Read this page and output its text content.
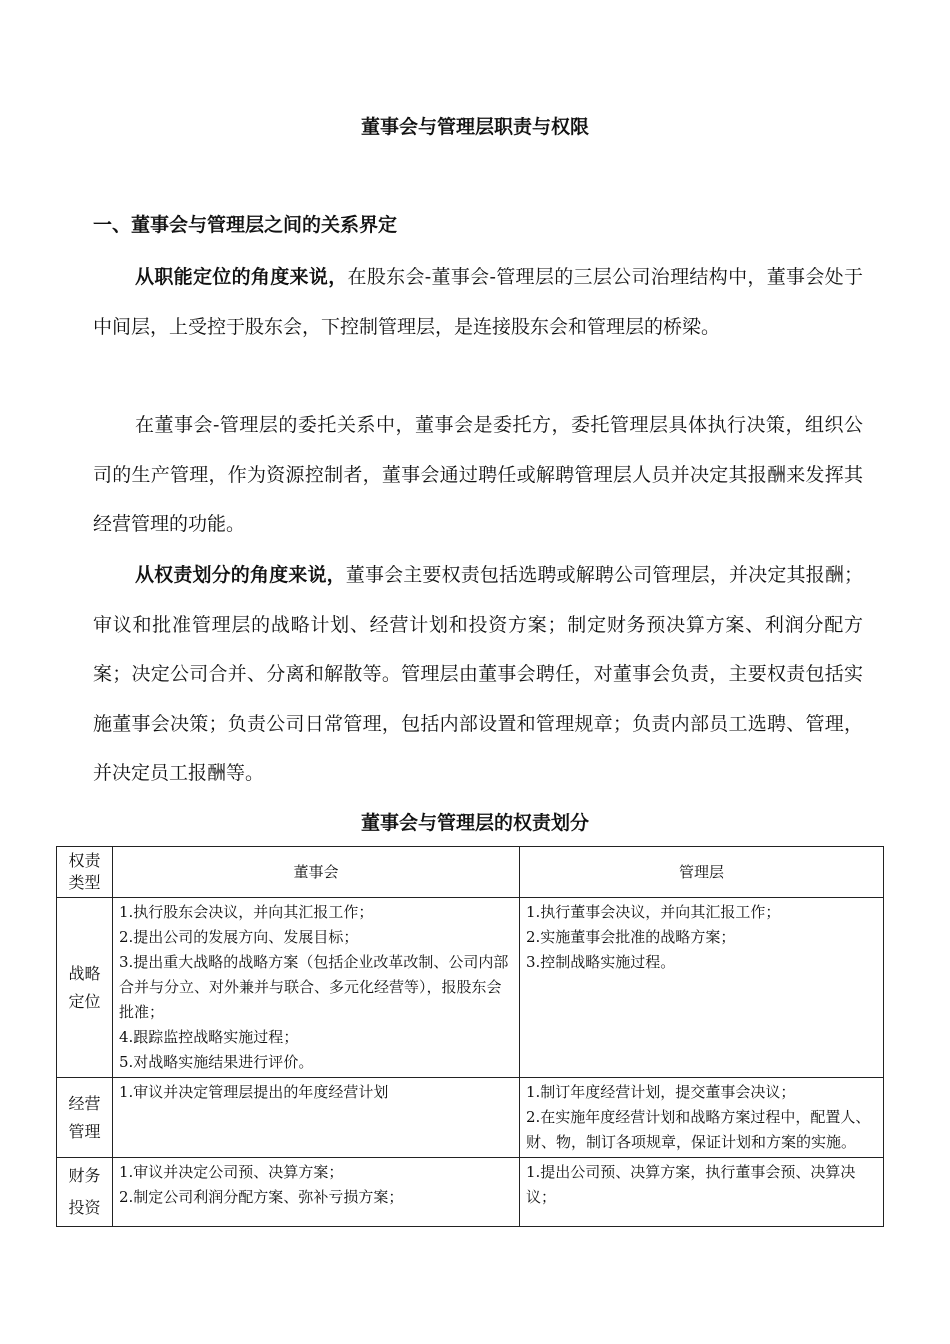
董事会与管理层职责与权限
一、董事会与管理层之间的关系界定

从职能定位的角度来说，在股东会-董事会-管理层的三层公司治理结构中，董事会处于中间层，上受控于股东会，下控制管理层，是连接股东会和管理层的桥梁。

在董事会-管理层的委托关系中，董事会是委托方，委托管理层具体执行决策，组织公司的生产管理，作为资源控制者，董事会通过聘任或解聘管理层人员并决定其报酬来发挥其经营管理的功能。

从权责划分的角度来说，董事会主要权责包括选聘或解聘公司管理层，并决定其报酬；审议和批准管理层的战略计划、经营计划和投资方案；制定财务预决算方案、利润分配方案；决定公司合并、分离和解散等。管理层由董事会聘任，对董事会负责，主要权责包括实施董事会决策；负责公司日常管理，包括内部设置和管理规章；负责内部员工选聘、管理，并决定员工报酬等。

董事会与管理层的权责划分
权责类型	董事会	管理层
战略定位	1.执行股东会决议，并向其汇报工作；
2.提出公司的发展方向、发展目标；
3.提出重大战略的战略方案（包括企业改革改制、公司内部合并与分立、对外兼并与联合、多元化经营等），报股东会批准；
4.跟踪监控战略实施过程；
5.对战略实施结果进行评价。	1.执行董事会决议，并向其汇报工作；
2.实施董事会批准的战略方案；
3.控制战略实施过程。

经营管理	1.审议并决定管理层提出的年度经营计划	1.制订年度经营计划，提交董事会决议；
2.在实施年度经营计划和战略方案过程中，配置人、财、物，制订各项规章，保证计划和方案的实施。

财务投资	1.审议并决定公司预、决算方案；
2.制定公司利润分配方案、弥补亏损方案；	1.提出公司预、决算方案，执行董事会预、决算决议；
